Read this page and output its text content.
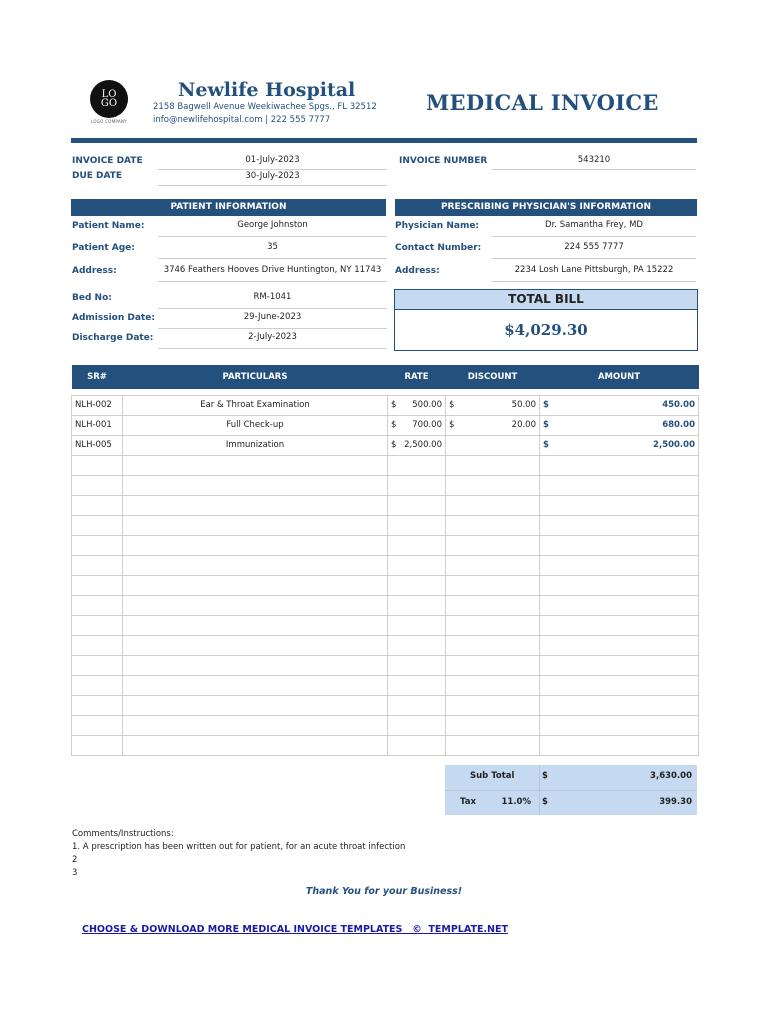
LO
GO
LOGO COMPANY
Newlife Hospital
2158 Bagwell Avenue Weekiwachee Spgs., FL 32512
info@newlifehospital.com | 222 555 7777
MEDICAL INVOICE
INVOICE DATE	01-July-2023
DUE DATE	30-July-2023
INVOICE NUMBER	543210
PATIENT INFORMATION	PRESCRIBING PHYSICIAN'S INFORMATION
Patient Name:	George Johnston
Patient Age:	35
Address:	3746 Feathers Hooves Drive Huntington, NY 11743
Bed No:	RM-1041
Admission Date:	29-June-2023
Discharge Date:	2-July-2023
Physician Name:	Dr. Samantha Frey, MD
Contact Number:	224 555 7777
Address:	2234 Losh Lane Pittsburgh, PA 15222
TOTAL BILL
$4,029.30
SR#	PARTICULARS	RATE	DISCOUNT	AMOUNT

NLH-002	Ear & Throat Examination	$ 500.00	$ 50.00	$ 450.00

NLH-001	Full Check-up	$ 700.00	$ 20.00	$ 680.00

NLH-005	Immunization	$ 2,500.00		$ 2,500.00

Sub Total	$	3,630.00
Tax	11.0% $	399.30
Comments/Instructions:
1. A prescription has been written out for patient, for an acute throat infection
2
3
Thank You for your Business!
CHOOSE & DOWNLOAD MORE MEDICAL INVOICE TEMPLATES   ©  TEMPLATE.NET
